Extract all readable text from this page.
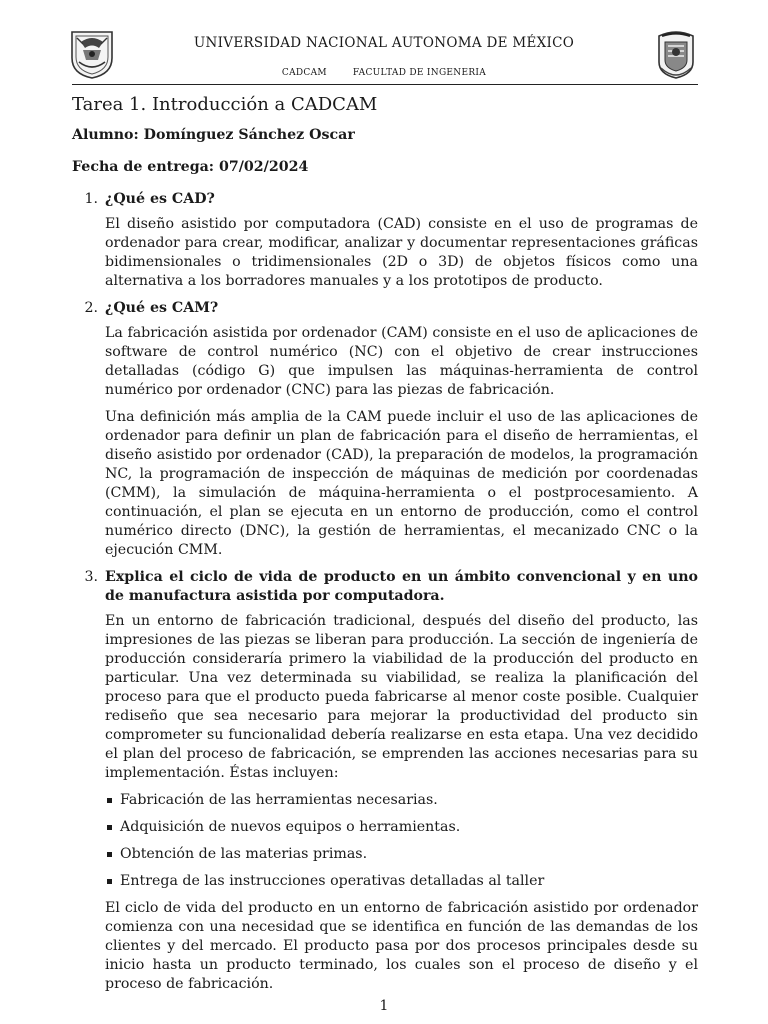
UNIVERSIDAD NACIONAL AUTONOMA DE MÉXICO
CADCAM	FACULTAD DE INGENERIA
Tarea 1. Introducción a CADCAM
Alumno: Domínguez Sánchez Oscar
Fecha de entrega: 07/02/2024
1. ¿Qué es CAD?

El diseño asistido por computadora (CAD) consiste en el uso de programas de ordenador para crear, modificar, analizar y documentar representaciones gráficas bidimensionales o tridimensionales (2D o 3D) de objetos físicos como una alternativa a los borradores manuales y a los prototipos de producto.

2. ¿Qué es CAM?

La fabricación asistida por ordenador (CAM) consiste en el uso de aplicaciones de software de control numérico (NC) con el objetivo de crear instrucciones detalladas (código G) que impulsen las máquinas-herramienta de control numérico por ordenador (CNC) para las piezas de fabricación.

Una definición más amplia de la CAM puede incluir el uso de las aplicaciones de ordenador para definir un plan de fabricación para el diseño de herramientas, el diseño asistido por ordenador (CAD), la preparación de modelos, la programación NC, la programación de inspección de máquinas de medición por coordenadas (CMM), la simulación de máquina-herramienta o el postprocesamiento. A continuación, el plan se ejecuta en un entorno de producción, como el control numérico directo (DNC), la gestión de herramientas, el mecanizado CNC o la ejecución CMM.

3. Explica el ciclo de vida de producto en un ámbito convencional y en uno de manufactura asistida por computadora.

En un entorno de fabricación tradicional, después del diseño del producto, las impresiones de las piezas se liberan para producción. La sección de ingeniería de producción consideraría primero la viabilidad de la producción del producto en particular. Una vez determinada su viabilidad, se realiza la planificación del proceso para que el producto pueda fabricarse al menor coste posible. Cualquier rediseño que sea necesario para mejorar la productividad del producto sin comprometer su funcionalidad debería realizarse en esta etapa. Una vez decidido el plan del proceso de fabricación, se emprenden las acciones necesarias para su implementación. Éstas incluyen:

Fabricación de las herramientas necesarias.
Adquisición de nuevos equipos o herramientas.
Obtención de las materias primas.
Entrega de las instrucciones operativas detalladas al taller

El ciclo de vida del producto en un entorno de fabricación asistido por ordenador comienza con una necesidad que se identifica en función de las demandas de los clientes y del mercado. El producto pasa por dos procesos principales desde su inicio hasta un producto terminado, los cuales son el proceso de diseño y el proceso de fabricación.

1
